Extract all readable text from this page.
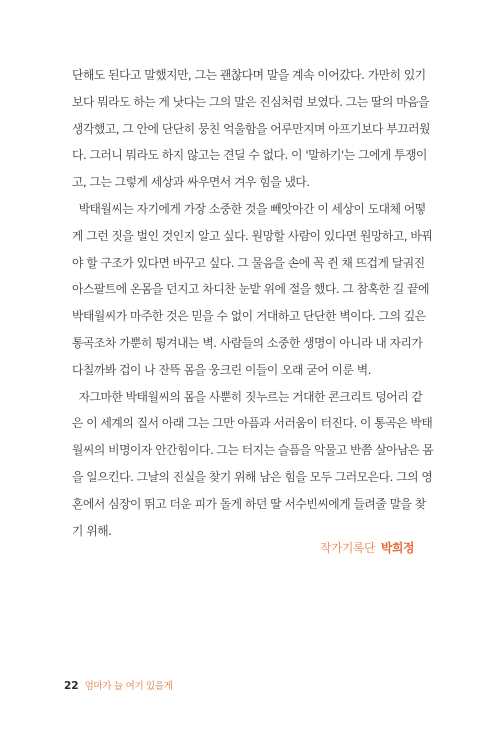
단해도 된다고 말했지만, 그는 괜찮다며 말을 계속 이어갔다. 가만히 있기
보다 뭐라도 하는 게 낫다는 그의 말은 진심처럼 보였다. 그는 딸의 마음을
생각했고, 그 안에 단단히 뭉친 억울함을 어루만지며 아프기보다 부끄러웠
다. 그러니 뭐라도 하지 않고는 견딜 수 없다. 이 '말하기'는 그에게 투쟁이
고, 그는 그렇게 세상과 싸우면서 겨우 힘을 냈다.
박태월씨는 자기에게 가장 소중한 것을 빼앗아간 이 세상이 도대체 어떻
게 그런 짓을 벌인 것인지 알고 싶다. 원망할 사람이 있다면 원망하고, 바꿔
야 할 구조가 있다면 바꾸고 싶다. 그 물음을 손에 꼭 쥔 채 뜨겁게 달궈진
아스팔트에 온몸을 던지고 차디찬 눈밭 위에 절을 했다. 그 참혹한 길 끝에
박태월씨가 마주한 것은 믿을 수 없이 거대하고 단단한 벽이다. 그의 깊은
통곡조차 가뿐히 튕겨내는 벽. 사람들의 소중한 생명이 아니라 내 자리가
다칠까봐 겁이 나 잔뜩 몸을 웅크린 이들이 오래 굳어 이룬 벽.
자그마한 박태월씨의 몸을 사뿐히 짓누르는 거대한 콘크리트 덩어리 같
은 이 세계의 질서 아래 그는 그만 아픔과 서러움이 터진다. 이 통곡은 박태
월씨의 비명이자 안간힘이다. 그는 터지는 슬픔을 악물고 반쯤 살아남은 몸
을 일으킨다. 그날의 진실을 찾기 위해 남은 힘을 모두 그러모은다. 그의 영
혼에서 심장이 뛰고 더운 피가 돌게 하던 딸 서수빈씨에게 들려줄 말을 찾
기 위해.
작가기록단 박희정
22 엄마가 늘 여기 있을게
